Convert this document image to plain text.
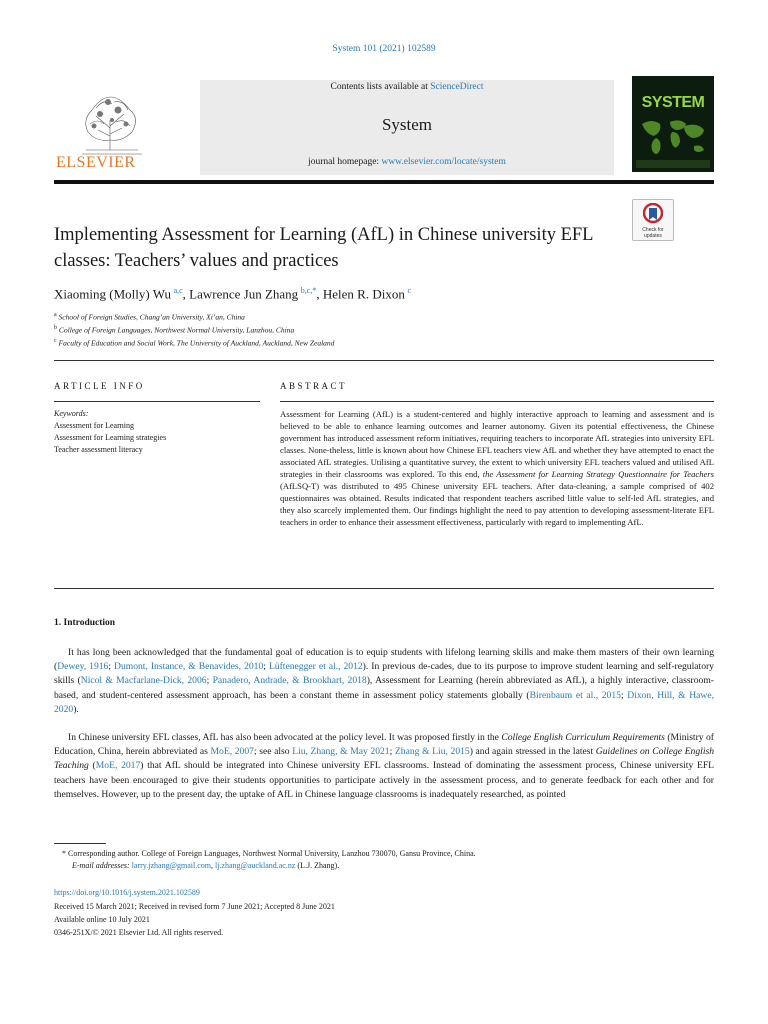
System 101 (2021) 102589
ELSEVIER
Contents lists available at ScienceDirect
System
journal homepage: www.elsevier.com/locate/system
SYSTEM
Implementing Assessment for Learning (AfL) in Chinese university EFL classes: Teachers’ values and practices
Check for updates
Xiaoming (Molly) Wu  $^{a,c}$, Lawrence Jun Zhang  $^{b,c,*}$, Helen R. Dixon  $^c$
$^a$ School of Foreign Studies, Chang’an University, Xi’an, China
$^b$ College of Foreign Languages, Northwest Normal University, Lanzhou, China
$^c$ Faculty of Education and Social Work, The University of Auckland, Auckland, New Zealand
ARTICLE INFO	ABSTRACT
Keywords:
Assessment for Learning
Assessment for Learning strategies
Teacher assessment literacy
Assessment for Learning (AfL) is a student-centered and highly interactive approach to learning and assessment and is believed to be able to enhance learning outcomes and learner autonomy. Given its potential effectiveness, the Chinese government has introduced assessment reform initiatives, requiring teachers to incorporate AfL strategies into university EFL classes. None-theless, little is known about how Chinese EFL teachers view AfL and whether they have attempted to enact the associated AfL strategies. Utilising a quantitative survey, the extent to which university EFL teachers valued and utilised AfL strategies in their classrooms was explored. To this end, the Assessment for Learning Strategy Questionnaire for Teachers (AfLSQ-T) was distributed to 495 Chinese university EFL teachers. After data-cleaning, a sample comprised of 402 questionnaires was obtained. Results indicated that respondent teachers ascribed little value to self-led AfL strategies, and they also scarcely implemented them. Our findings highlight the need to pay attention to developing assessment-literate EFL teachers in order to enhance their assessment effectiveness, particularly with regard to implementing AfL.
1. Introduction
It has long been acknowledged that the fundamental goal of education is to equip students with lifelong learning skills and make them masters of their own learning (Dewey, 1916; Dumont, Instance, & Benavides, 2010; Lüftenegger et al., 2012). In previous de-cades, due to its purpose to improve student learning and self-regulatory skills (Nicol & Macfarlane-Dick, 2006; Panadero, Andrade, & Brookhart, 2018), Assessment for Learning (herein abbreviated as AfL), a highly interactive, classroom-based, and student-centered assessment approach, has been a constant theme in assessment policy statements globally (Birenbaum et al., 2015; Dixon, Hill, & Hawe, 2020).
In Chinese university EFL classes, AfL has also been advocated at the policy level. It was proposed firstly in the College English Curriculum Requirements (Ministry of Education, China, herein abbreviated as MoE, 2007; see also Liu, Zhang, & May 2021; Zhang & Liu, 2015) and again stressed in the latest Guidelines on College English Teaching (MoE, 2017) that AfL should be integrated into Chinese university EFL classrooms. Instead of dominating the assessment process, Chinese university EFL teachers have been encouraged to give their students opportunities to participate actively in the assessment process, and to generate feedback for each other and for themselves. However, up to the present day, the uptake of AfL in Chinese language classrooms is inadequately researched, as pointed
* Corresponding author. College of Foreign Languages, Northwest Normal University, Lanzhou 730070, Gansu Province, China.
E-mail addresses: larry.jzhang@gmail.com, lj.zhang@auckland.ac.nz (L.J. Zhang).
https://doi.org/10.1016/j.system.2021.102589
Received 15 March 2021; Received in revised form 7 June 2021; Accepted 8 June 2021
Available online 10 July 2021
0346-251X/© 2021 Elsevier Ltd. All rights reserved.
